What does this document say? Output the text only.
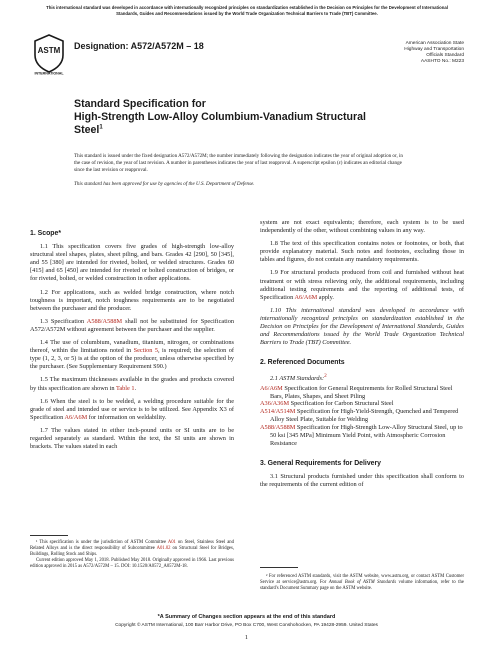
This international standard was developed in accordance with internationally recognized principles on standardization established in the Decision on Principles for the Development of International Standards, Guides and Recommendations issued by the World Trade Organization Technical Barriers to Trade (TBT) Committee.
ASTM
INTERNATIONAL
Designation: A572/A572M – 18	American Association State
Highway and Transportation
Officials Standard
AASHTO No.: M223
Standard Specification for
High-Strength Low-Alloy Columbium-Vanadium Structural
Steel$^1$
This standard is issued under the fixed designation A572/A572M; the number immediately following the designation indicates the year of original adoption or, in the case of revision, the year of last revision. A number in parentheses indicates the year of last reapproval. A superscript epsilon (ε) indicates an editorial change since the last revision or reapproval.
This standard has been approved for use by agencies of the U.S. Department of Defense.
1. Scope*

1.1 This specification covers five grades of high-strength low-alloy structural steel shapes, plates, sheet piling, and bars. Grades 42 [290], 50 [345], and 55 [380] are intended for riveted, bolted, or welded structures. Grades 60 [415] and 65 [450] are intended for riveted or bolted construction of bridges, or for riveted, bolted, or welded construction in other applications.

1.2 For applications, such as welded bridge construction, where notch toughness is important, notch toughness requirements are to be negotiated between the purchaser and the producer.

1.3 Specification A588/A588M shall not be substituted for Specification A572/A572M without agreement between the purchaser and the supplier.

1.4 The use of columbium, vanadium, titanium, nitrogen, or combinations thereof, within the limitations noted in Section 5, is required; the selection of type (1, 2, 3, or 5) is at the option of the producer, unless otherwise specified by the purchaser. (See Supplementary Requirement S90.)

1.5 The maximum thicknesses available in the grades and products covered by this specification are shown in Table 1.

1.6 When the steel is to be welded, a welding procedure suitable for the grade of steel and intended use or service is to be utilized. See Appendix X3 of Specification A6/A6M for information on weldability.

1.7 The values stated in either inch-pound units or SI units are to be regarded separately as standard. Within the text, the SI units are shown in brackets. The values stated in each

system are not exact equivalents; therefore, each system is to be used independently of the other, without combining values in any way.

1.8 The text of this specification contains notes or footnotes, or both, that provide explanatory material. Such notes and footnotes, excluding those in tables and figures, do not contain any mandatory requirements.

1.9 For structural products produced from coil and furnished without heat treatment or with stress relieving only, the additional requirements, including additional testing requirements and the reporting of additional tests, of Specification A6/A6M apply.

1.10 This international standard was developed in accordance with internationally recognized principles on standardization established in the Decision on Principles for the Development of International Standards, Guides and Recommendations issued by the World Trade Organization Technical Barriers to Trade (TBT) Committee.

2. Referenced Documents

2.1 ASTM Standards:$^2$

A6/A6M Specification for General Requirements for Rolled Structural Steel Bars, Plates, Shapes, and Sheet Piling
A36/A36M Specification for Carbon Structural Steel
A514/A514M Specification for High-Yield-Strength, Quenched and Tempered Alloy Steel Plate, Suitable for Welding
A588/A588M Specification for High-Strength Low-Alloy Structural Steel, up to 50 ksi [345 MPa] Minimum Yield Point, with Atmospheric Corrosion Resistance
3. General Requirements for Delivery

3.1 Structural products furnished under this specification shall conform to the requirements of the current edition of

¹ This specification is under the jurisdiction of ASTM Committee A01 on Steel, Stainless Steel and Related Alloys and is the direct responsibility of Subcommittee A01.02 on Structural Steel for Bridges, Buildings, Rolling Stock and Ships.

Current edition approved May 1, 2018. Published May 2018. Originally approved in 1966. Last previous edition approved in 2015 as A572/A572M – 15. DOI: 10.1520/A0572_A0572M-18.

² For referenced ASTM standards, visit the ASTM website, www.astm.org, or contact ASTM Customer Service at service@astm.org. For Annual Book of ASTM Standards volume information, refer to the standard's Document Summary page on the ASTM website.

*A Summary of Changes section appears at the end of this standard
Copyright © ASTM International, 100 Barr Harbor Drive, PO Box C700, West Conshohocken, PA 19428-2959. United States
1
